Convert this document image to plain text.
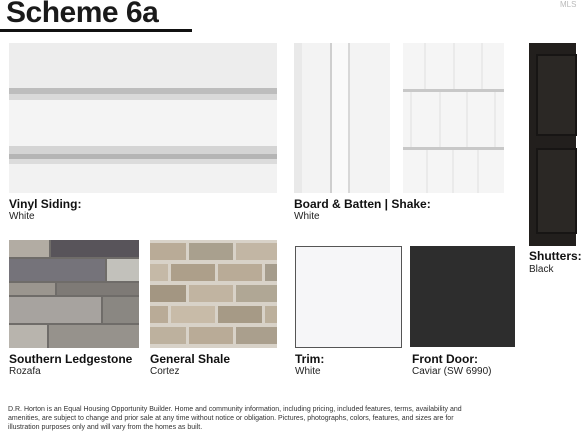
Scheme 6a	MLS
Vinyl Siding:
White
Board & Batten | Shake:
White
Shutters:
Black
Southern Ledgestone
Rozafa
General Shale
Cortez
Trim:
White
Front Door:
Caviar (SW 6990)
D.R. Horton is an Equal Housing Opportunity Builder. Home and community information, including pricing, included features, terms, availability and amenities, are subject to change and prior sale at any time without notice or obligation. Pictures, photographs, colors, features, and sizes are for illustration purposes only and will vary from the homes as built.
